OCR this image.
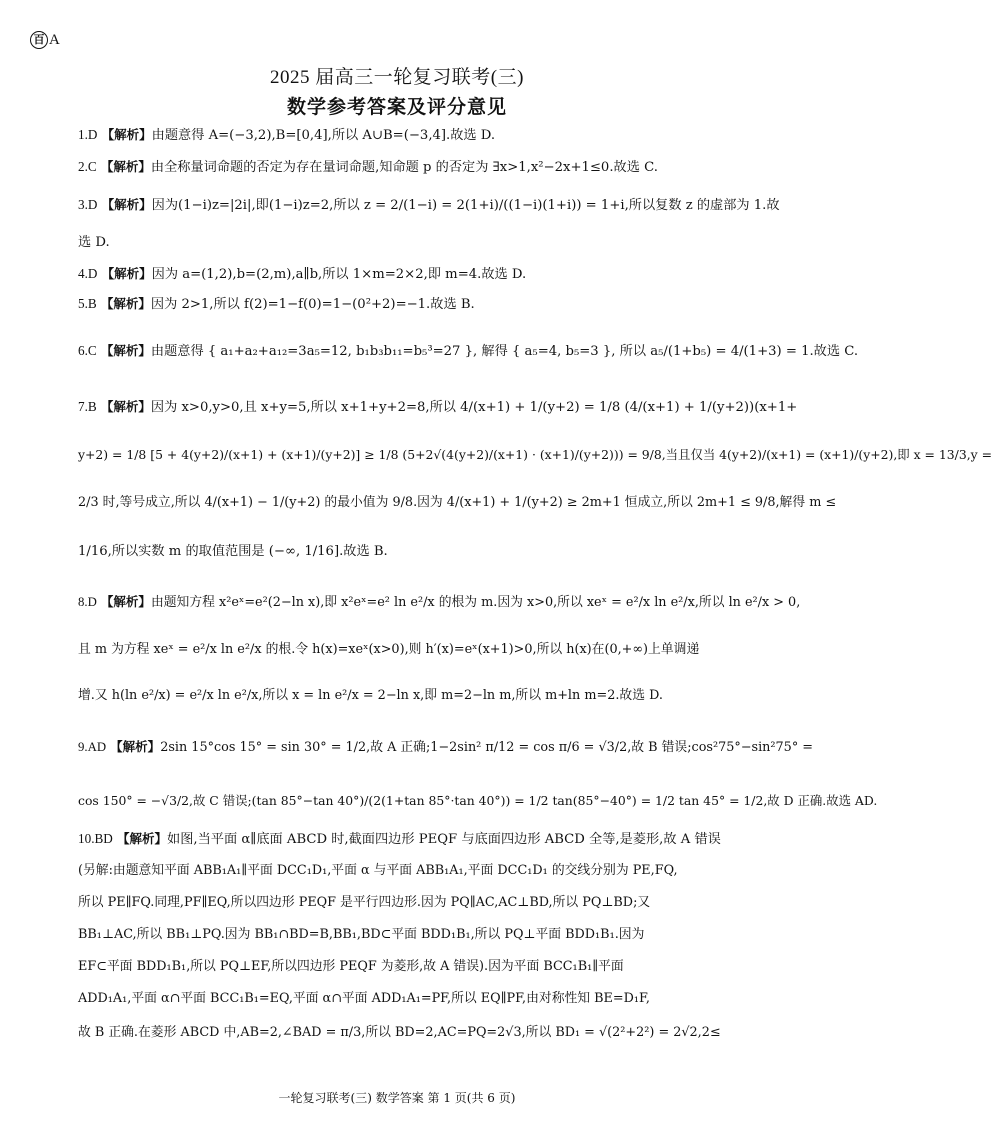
百 A
2025 届高三一轮复习联考(三)
数学参考答案及评分意见
1.D 【解析】由题意得 A=(−3,2),B=[0,4],所以 A∪B=(−3,4].故选 D.
2.C 【解析】由全称量词命题的否定为存在量词命题,知命题 p 的否定为 ∃x>1,x²−2x+1≤0.故选 C.
3.D 【解析】因为(1−i)z=|2i|,即(1−i)z=2,所以 z = 2/(1−i) = 2(1+i)/((1−i)(1+i)) = 1+i,所以复数 z 的虚部为 1.故
选 D.
4.D 【解析】因为 a=(1,2),b=(2,m),a∥b,所以 1×m=2×2,即 m=4.故选 D.
5.B 【解析】因为 2>1,所以 f(2)=1−f(0)=1−(0²+2)=−1.故选 B.
6.C 【解析】由题意得 { a₁+a₂+a₁₂=3a₅=12, b₁b₃b₁₁=b₅³=27 }, 解得 { a₅=4, b₅=3 }, 所以 a₅/(1+b₅) = 4/(1+3) = 1.故选 C.
7.B 【解析】因为 x>0,y>0,且 x+y=5,所以 x+1+y+2=8,所以 4/(x+1) + 1/(y+2) = 1/8 (4/(x+1) + 1/(y+2))(x+1+
y+2) = 1/8 [5 + 4(y+2)/(x+1) + (x+1)/(y+2)] ≥ 1/8 (5+2√(4(y+2)/(x+1) · (x+1)/(y+2))) = 9/8,当且仅当 4(y+2)/(x+1) = (x+1)/(y+2),即 x = 13/3,y =
2/3 时,等号成立,所以 4/(x+1) − 1/(y+2) 的最小值为 9/8.因为 4/(x+1) + 1/(y+2) ≥ 2m+1 恒成立,所以 2m+1 ≤ 9/8,解得 m ≤
1/16,所以实数 m 的取值范围是 (−∞, 1/16].故选 B.
8.D 【解析】由题知方程 x²eˣ=e²(2−ln x),即 x²eˣ=e² ln e²/x 的根为 m.因为 x>0,所以 xeˣ = e²/x ln e²/x,所以 ln e²/x > 0,
且 m 为方程 xeˣ = e²/x ln e²/x 的根.令 h(x)=xeˣ(x>0),则 h′(x)=eˣ(x+1)>0,所以 h(x)在(0,+∞)上单调递
增.又 h(ln e²/x) = e²/x ln e²/x,所以 x = ln e²/x = 2−ln x,即 m=2−ln m,所以 m+ln m=2.故选 D.
9.AD 【解析】2sin 15°cos 15° = sin 30° = 1/2,故 A 正确;1−2sin² π/12 = cos π/6 = √3/2,故 B 错误;cos²75°−sin²75° =
cos 150° = −√3/2,故 C 错误;(tan 85°−tan 40°)/(2(1+tan 85°·tan 40°)) = 1/2 tan(85°−40°) = 1/2 tan 45° = 1/2,故 D 正确.故选 AD.
10.BD 【解析】如图,当平面 α∥底面 ABCD 时,截面四边形 PEQF 与底面四边形 ABCD 全等,是菱形,故 A 错误
(另解:由题意知平面 ABB₁A₁∥平面 DCC₁D₁,平面 α 与平面 ABB₁A₁,平面 DCC₁D₁ 的交线分别为 PE,FQ,
所以 PE∥FQ.同理,PF∥EQ,所以四边形 PEQF 是平行四边形.因为 PQ∥AC,AC⊥BD,所以 PQ⊥BD;又
BB₁⊥AC,所以 BB₁⊥PQ.因为 BB₁∩BD=B,BB₁,BD⊂平面 BDD₁B₁,所以 PQ⊥平面 BDD₁B₁.因为
EF⊂平面 BDD₁B₁,所以 PQ⊥EF,所以四边形 PEQF 为菱形,故 A 错误).因为平面 BCC₁B₁∥平面
ADD₁A₁,平面 α∩平面 BCC₁B₁=EQ,平面 α∩平面 ADD₁A₁=PF,所以 EQ∥PF,由对称性知 BE=D₁F,
故 B 正确.在菱形 ABCD 中,AB=2,∠BAD = π/3,所以 BD=2,AC=PQ=2√3,所以 BD₁ = √(2²+2²) = 2√2,2≤
一轮复习联考(三) 数学答案 第 1 页(共 6 页)
